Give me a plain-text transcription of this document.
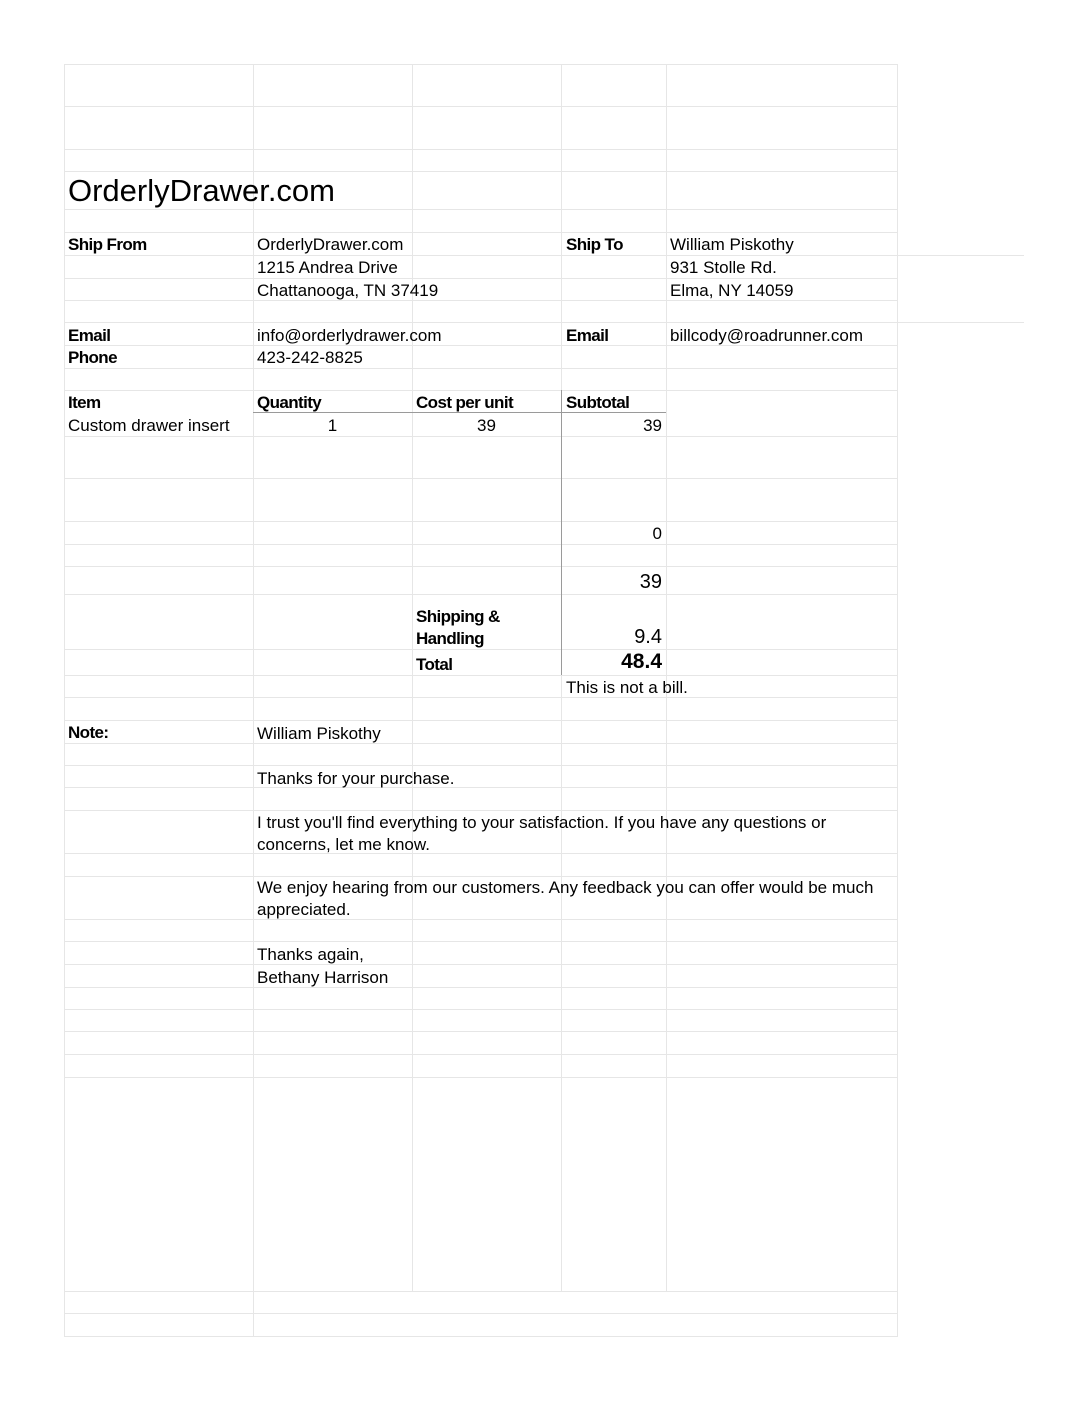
OrderlyDrawer.com
Ship From	OrderlyDrawer.com
1215 Andrea Drive
Chattanooga, TN 37419
Ship To	William Piskothy
931 Stolle Rd.
Elma, NY 14059
Email	info@orderlydrawer.com	Email	billcody@roadrunner.com
Phone	423-242-8825
Item	Quantity	Cost per unit	Subtotal
Custom drawer insert	1	39	39
0
39
Shipping &
Handling	9.4
Total	48.4
This is not a bill.
Note:	William Piskothy
Thanks for your purchase.
I trust you'll find everything to your satisfaction. If you have any questions or concerns, let me know.
We enjoy hearing from our customers. Any feedback you can offer would be much appreciated.
Thanks again,
Bethany Harrison
